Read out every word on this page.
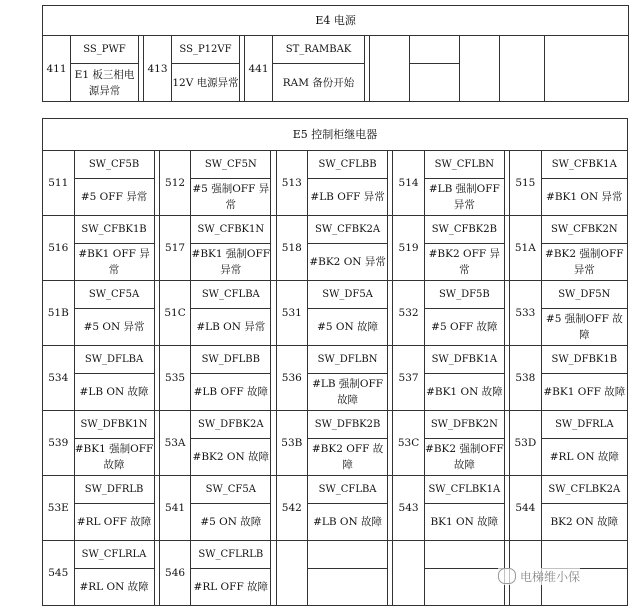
E4 电源													
411	SS_PWF		413	SS_P12VF		441	ST_RAMBAK						
	E1 板三相电源异常			12V 电源异常			RAM 备份开始						
E5 控制柜继电器													
511	SW_CF5B		512	SW_CF5N		513	SW_CFLBB		514	SW_CFLBN		515	SW_CFBK1A
	#5 OFF 异常			#5 强制OFF 异常			#LB OFF 异常			#LB 强制OFF 异常			#BK1 ON 异常
516	SW_CFBK1B		517	SW_CFBK1N		518	SW_CFBK2A		519	SW_CFBK2B		51A	SW_CFBK2N
	#BK1 OFF 异常			#BK1 强制OFF 异常			#BK2 ON 异常			#BK2 OFF 异常			#BK2 强制OFF 异常
51B	SW_CF5A		51C	SW_CFLBA		531	SW_DF5A		532	SW_DF5B		533	SW_DF5N
	#5 ON 异常			#LB ON 异常			#5 ON 故障			#5 OFF 故障			#5 强制OFF 故障
534	SW_DFLBA		535	SW_DFLBB		536	SW_DFLBN		537	SW_DFBK1A		538	SW_DFBK1B
	#LB ON 故障			#LB OFF 故障			#LB 强制OFF 故障			#BK1 ON 故障			#BK1 OFF 故障
539	SW_DFBK1N		53A	SW_DFBK2A		53B	SW_DFBK2B		53C	SW_DFBK2N		53D	SW_DFRLA
	#BK1 强制OFF 故障			#BK2 ON 故障			#BK2 OFF 故障			#BK2 强制OFF 故障			#RL ON 故障
53E	SW_DFRLB		541	SW_CF5A		542	SW_CFLBA		543	SW_CFLBK1A		544	SW_CFLBK2A
	#RL OFF 故障			#5 ON 故障			#LB ON 故障			BK1 ON 故障			BK2 ON 故障
545	SW_CFLRLA		546	SW_CFLRLB									
	#RL ON 故障			#RL OFF 故障									
电梯维小保
